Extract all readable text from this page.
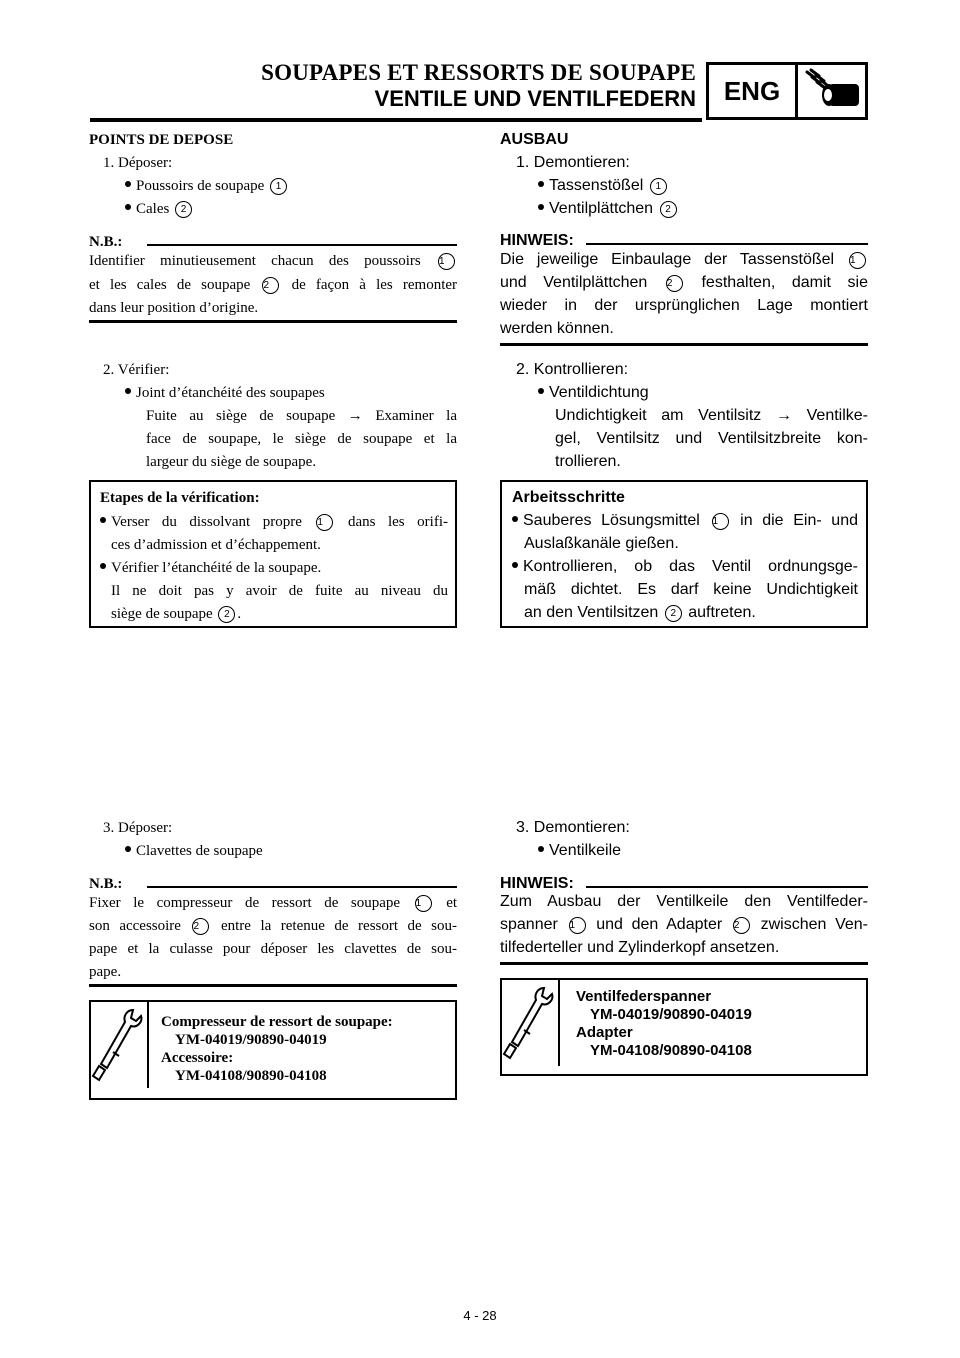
SOUPAPES ET RESSORTS DE SOUPAPE
VENTILE UND VENTILFEDERN	ENG
POINTS DE DEPOSE
1. Déposer:
Poussoirs de soupape 1
Cales 2
N.B.:
Identifier minutieusement chacun des poussoirs 1
et les cales de soupape 2 de façon à les remonter
dans leur position d’origine.
2. Vérifier:
Joint d’étanchéité des soupapes
Fuite au siège de soupape → Examiner la
face de soupape, le siège de soupape et la
largeur du siège de soupape.
Etapes de la vérification:
Verser du dissolvant propre 1 dans les orifi-
ces d’admission et d’échappement.
Vérifier l’étanchéité de la soupape.
Il ne doit pas y avoir de fuite au niveau du
siège de soupape 2 .
3. Déposer:
Clavettes de soupape
N.B.:
Fixer le compresseur de ressort de soupape 1 et
son accessoire 2 entre la retenue de ressort de sou-
pape et la culasse pour déposer les clavettes de sou-
pape.
Compresseur de ressort de soupape:
YM-04019/90890-04019
Accessoire:
YM-04108/90890-04108
AUSBAU
1. Demontieren:
Tassenstößel 1
Ventilplättchen 2
HINWEIS:
Die jeweilige Einbaulage der Tassenstößel 1
und Ventilplättchen 2 festhalten, damit sie
wieder in der ursprünglichen Lage montiert
werden können.
2. Kontrollieren:
Ventildichtung
Undichtigkeit am Ventilsitz → Ventilke-
gel, Ventilsitz und Ventilsitzbreite kon-
trollieren.
Arbeitsschritte
Sauberes Lösungsmittel 1 in die Ein- und
Auslaßkanäle gießen.
Kontrollieren, ob das Ventil ordnungsge-
mäß dichtet. Es darf keine Undichtigkeit
an den Ventilsitzen 2 auftreten.
3. Demontieren:
Ventilkeile
HINWEIS:
Zum Ausbau der Ventilkeile den Ventilfeder-
spanner 1 und den Adapter 2 zwischen Ven-
tilfederteller und Zylinderkopf ansetzen.
Ventilfederspanner
YM-04019/90890-04019
Adapter
YM-04108/90890-04108
4 - 28
